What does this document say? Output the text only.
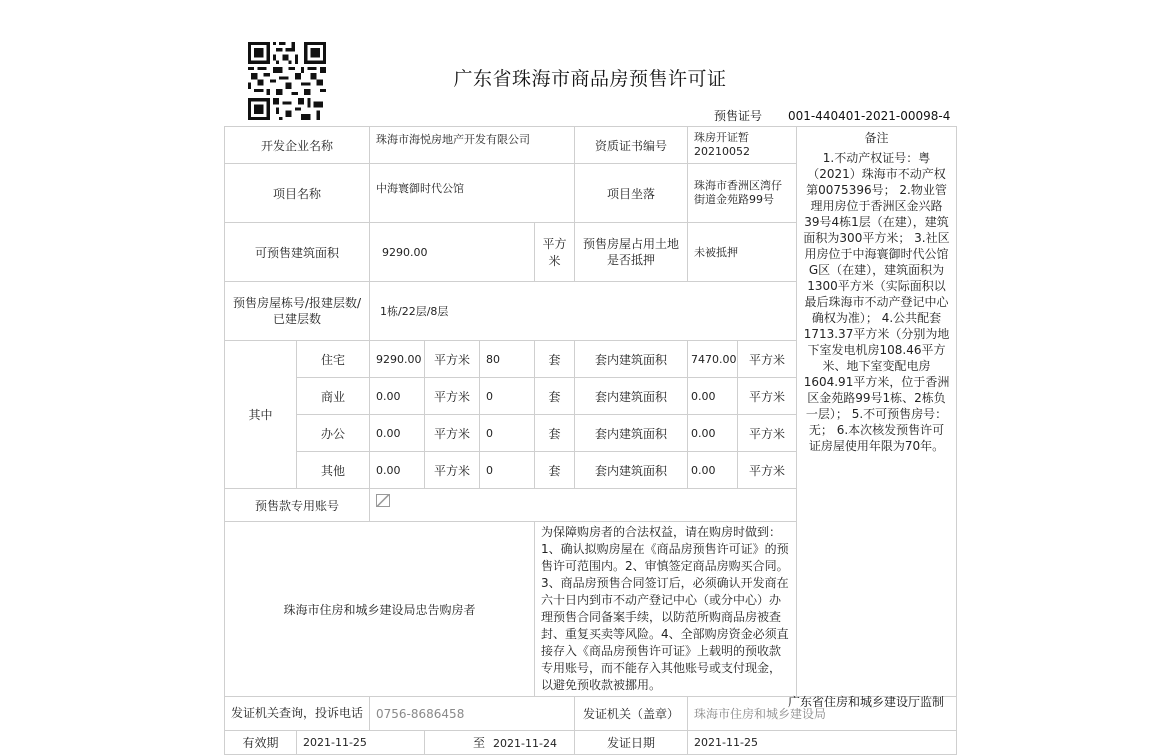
广东省珠海市商品房预售许可证
预售证号 001-440401-2021-00098-4
开发企业名称		珠海市海悦房地产开发有限公司				资质证书编号	珠房开证暂20210052		备注
1.不动产权证号：粤（2021）珠海市不动产权第0075396号； 2.物业管理用房位于香洲区金兴路39号4栋1层（在建），建筑面积为300平方米； 3.社区用房位于中海寰御时代公馆G区（在建），建筑面积为1300平方米（实际面积以最后珠海市不动产登记中心确权为准）； 4.公共配套1713.37平方米（分别为地下室发电机房108.46平方米、地下室变配电房1604.91平方米，位于香洲区金苑路99号1栋、2栋负一层）； 5.不可预售房号：无； 6.本次核发预售许可证房屋使用年限为70年。

项目名称		中海寰御时代公馆				项目坐落	珠海市香洲区湾仔街道金苑路99号		
可预售建筑面积		9290.00			平方米	预售房屋占用土地是否抵押	未被抵押		
预售房屋栋号/报建层数/已建层数		1栋/22层/8层							
其中	住宅	9290.00	平方米	80	套	套内建筑面积	7470.00	平方米	
	商业	0.00	平方米	0	套	套内建筑面积	0.00	平方米	
	办公	0.00	平方米	0	套	套内建筑面积	0.00	平方米	
	其他	0.00	平方米	0	套	套内建筑面积	0.00	平方米	
预售款专用账号									
珠海市住房和城乡建设局忠告购房者					为保障购房者的合法权益，请在购房时做到：1、确认拟购房屋在《商品房预售许可证》的预售许可范围内。2、审慎签定商品房购买合同。3、商品房预售合同签订后，必须确认开发商在六十日内到市不动产登记中心（或分中心）办理预售合同备案手续，以防范所购商品房被查封、重复买卖等风险。4、全部购房资金必须直接存入《商品房预售许可证》上载明的预收款专用账号，而不能存入其他账号或支付现金，以避免预收款被挪用。				
发证机关查询，投诉电话		0756-8686458				发证机关（盖章）	珠海市住房和城乡建设局		
有效期	2021-11-25		至 2021-11-24			发证日期	2021-11-25		
广东省住房和城乡建设厅监制
